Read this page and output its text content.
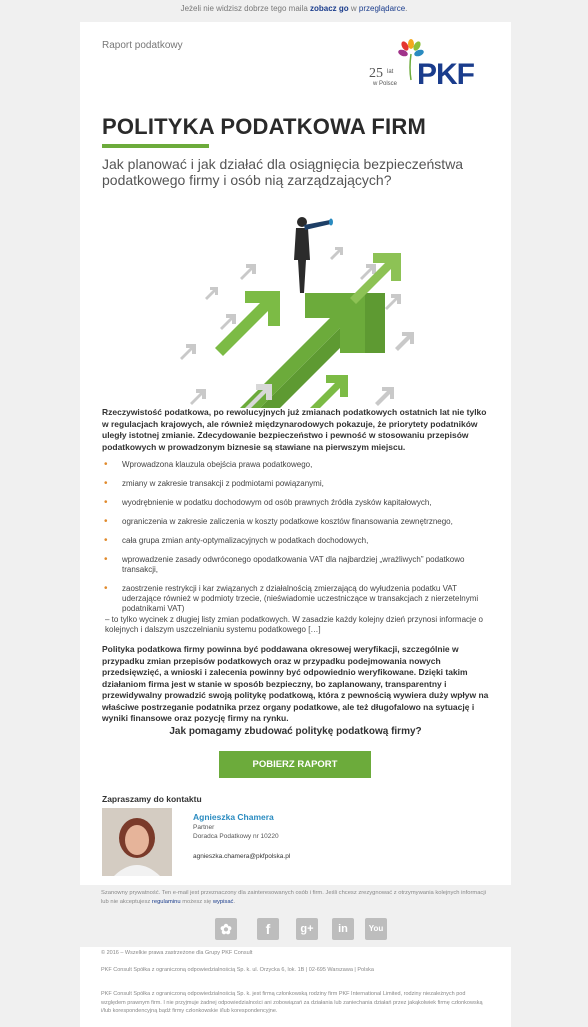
Jeżeli nie widzisz dobrze tego maila zobacz go w przeglądarce.
Raport podatkowy
25 lat
w Polsce PKF
POLITYKA PODATKOWA FIRM
Jak planować i jak działać dla osiągnięcia bezpieczeństwa podatkowego firmy i osób nią zarządzających?
Rzeczywistość podatkowa, po rewolucyjnych już zmianach podatkowych ostatnich lat nie tylko w regulacjach krajowych, ale również międzynarodowych pokazuje, że priorytety podatników uległy istotnej zmianie. Zdecydowanie bezpieczeństwo i pewność w stosowaniu przepisów podatkowych w prowadzonym biznesie są stawiane na pierwszym miejscu.
• Wprowadzona klauzula obejścia prawa podatkowego,
• zmiany w zakresie transakcji z podmiotami powiązanymi,
• wyodrębnienie w podatku dochodowym od osób prawnych źródła zysków kapitałowych,
• ograniczenia w zakresie zaliczenia w koszty podatkowe kosztów finansowania zewnętrznego,
• cała grupa zmian anty-optymalizacyjnych w podatkach dochodowych,
• wprowadzenie zasady odwróconego opodatkowania VAT dla najbardziej „wrażliwych” podatkowo transakcji,
• zaostrzenie restrykcji i kar związanych z działalnością zmierzającą do wyłudzenia podatku VAT uderzające również w podmioty trzecie, (nieświadomie uczestniczące w transakcjach z nierzetelnymi podatnikami VAT)
– to tylko wycinek z długiej listy zmian podatkowych. W zasadzie każdy kolejny dzień przynosi informacje o kolejnych i dalszym uszczelnianiu systemu podatkowego […]
Polityka podatkowa firmy powinna być poddawana okresowej weryfikacji, szczególnie w przypadku zmian przepisów podatkowych oraz w przypadku podejmowania nowych przedsięwzięć, a wnioski i zalecenia powinny być odpowiednio weryfikowane. Dzięki takim działaniom firma jest w stanie w sposób bezpieczny, bo zaplanowany, transparentny i przewidywalny prowadzić swoją politykę podatkową, która z pewnością wywiera duży wpływ na właściwe postrzeganie podatnika przez organy podatkowe, ale też długofalowo na sytuację i wyniki finansowe oraz pozycję firmy na rynku.
Jak pomagamy zbudować politykę podatkową firmy?
POBIERZ RAPORT
Zapraszamy do kontaktu
Agnieszka Chamera
Partner
Doradca Podatkowy nr 10220
agnieszka.chamera@pkfpolska.pl
Szanowny prywatność. Ten e-mail jest przeznaczony dla zainteresowanych osób i firm. Jeśli chcesz zrezygnować z otrzymywania kolejnych informacji lub nie akceptujesz regulaminu możesz się wypisać.
✿	f	g+	in	You
© 2016 – Wszelkie prawa zastrzeżone dla Grupy PKF Consult
PKF Consult Spółka z ograniczoną odpowiedzialnością Sp. k. ul. Orzycka 6, lok. 1B | 02-695 Warszawa | Polska
PKF Consult Spółka z ograniczoną odpowiedzialnością Sp. k. jest firmą członkowską rodziny firm PKF International Limited, rodziny niezależnych pod względem prawnym firm. I nie przyjmuje żadnej odpowiedzialności ani zobowiązań za działania lub zaniechania działań przez jakąkolwiek firmę członkowską i/lub korespondencyjną bądź firmy członkowskie i/lub korespondencyjne.
